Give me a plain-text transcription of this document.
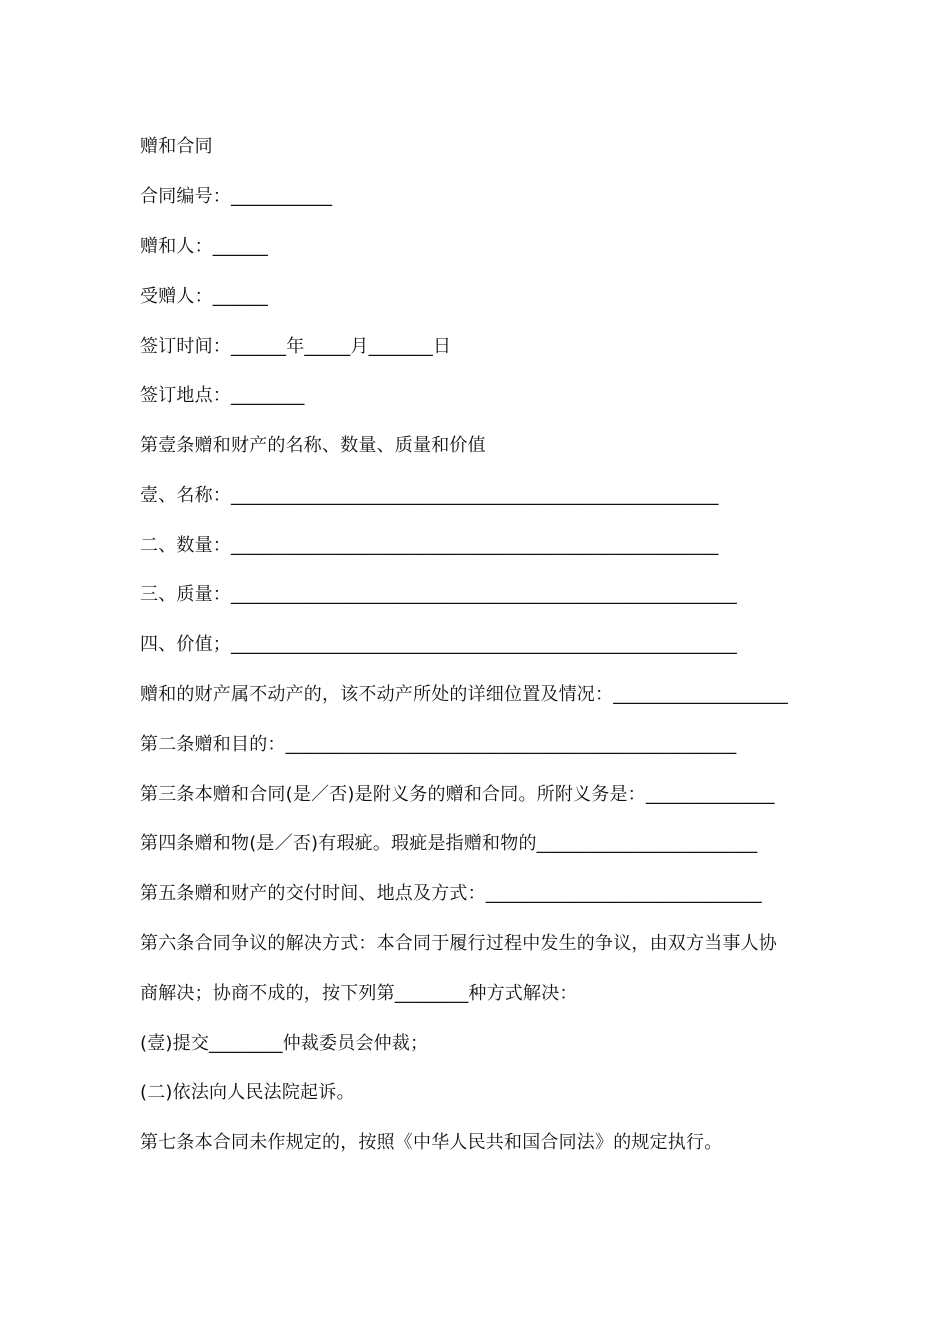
赠和合同
合同编号：___________
赠和人：______
受赠人：______
签订时间：______年_____月_______日
签订地点：________
第壹条赠和财产的名称、数量、质量和价值
壹、名称：_____________________________________________________
二、数量：_____________________________________________________
三、质量：_______________________________________________________
四、价值；_______________________________________________________
赠和的财产属不动产的，该不动产所处的详细位置及情况：___________________
第二条赠和目的：_________________________________________________
第三条本赠和合同(是／否)是附义务的赠和合同。所附义务是：______________
第四条赠和物(是／否)有瑕疵。瑕疵是指赠和物的________________________
第五条赠和财产的交付时间、地点及方式：______________________________
第六条合同争议的解决方式：本合同于履行过程中发生的争议，由双方当事人协
商解决；协商不成的，按下列第________种方式解决：
(壹)提交________仲裁委员会仲裁；
(二)依法向人民法院起诉。
第七条本合同未作规定的，按照《中华人民共和国合同法》的规定执行。
